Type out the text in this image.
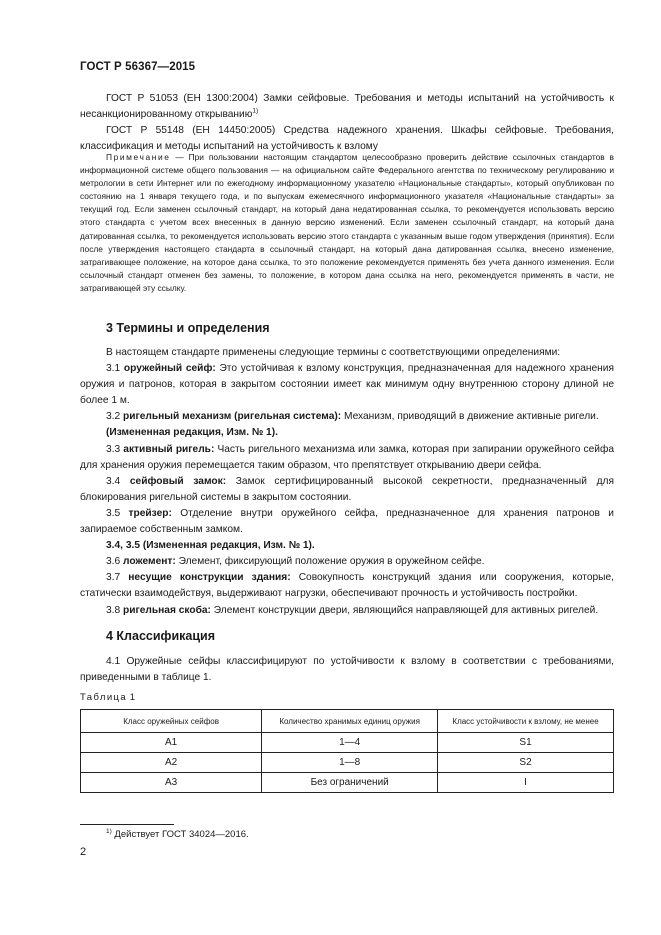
ГОСТ Р 56367—2015

ГОСТ Р 51053 (ЕН 1300:2004) Замки сейфовые. Требования и методы испытаний на устойчивость к несанкционированному открыванию$^{1)}$

ГОСТ Р 55148 (ЕН 14450:2005) Средства надежного хранения. Шкафы сейфовые. Требования, классификация и методы испытаний на устойчивость к взлому

Примечание — При пользовании настоящим стандартом целесообразно проверить действие ссылочных стандартов в информационной системе общего пользования — на официальном сайте Федерального агентства по техническому регулированию и метрологии в сети Интернет или по ежегодному информационному указателю «Национальные стандарты», который опубликован по состоянию на 1 января текущего года, и по выпускам ежемесячного информационного указателя «Национальные стандарты» за текущий год. Если заменен ссылочный стандарт, на который дана недатированная ссылка, то рекомендуется использовать версию этого стандарта с учетом всех внесенных в данную версию изменений. Если заменен ссылочный стандарт, на который дана датированная ссылка, то рекомендуется использовать версию этого стандарта с указанным выше годом утверждения (принятия). Если после утверждения настоящего стандарта в ссылочный стандарт, на который дана датированная ссылка, внесено изменение, затрагивающее положение, на которое дана ссылка, то это положение рекомендуется применять без учета данного изменения. Если ссылочный стандарт отменен без замены, то положение, в котором дана ссылка на него, рекомендуется применять в части, не затрагивающей эту ссылку.

3 Термины и определения

В настоящем стандарте применены следующие термины с соответствующими определениями:

3.1 оружейный сейф: Это устойчивая к взлому конструкция, предназначенная для надежного хранения оружия и патронов, которая в закрытом состоянии имеет как минимум одну внутреннюю сторону длиной не более 1 м.

3.2 ригельный механизм (ригельная система): Механизм, приводящий в движение активные ригели.

(Измененная редакция, Изм. № 1).

3.3 активный ригель: Часть ригельного механизма или замка, которая при запирании оружейного сейфа для хранения оружия перемещается таким образом, что препятствует открыванию двери сейфа.

3.4 сейфовый замок: Замок сертифицированный высокой секретности, предназначенный для блокирования ригельной системы в закрытом состоянии.

3.5 трейзер: Отделение внутри оружейного сейфа, предназначенное для хранения патронов и запираемое собственным замком.

3.4, 3.5 (Измененная редакция, Изм. № 1).

3.6 ложемент: Элемент, фиксирующий положение оружия в оружейном сейфе.

3.7 несущие конструкции здания: Совокупность конструкций здания или сооружения, которые, статически взаимодействуя, выдерживают нагрузки, обеспечивают прочность и устойчивость постройки.

3.8 ригельная скоба: Элемент конструкции двери, являющийся направляющей для активных ригелей.

4 Классификация

4.1 Оружейные сейфы классифицируют по устойчивости к взлому в соответствии с требованиями, приведенными в таблице 1.

Таблица 1
Класс оружейных сейфов	Количество хранимых единиц оружия	Класс устойчивости к взлому, не менее
А1	1—4	S1
А2	1—8	S2
А3	Без ограничений	I
$^{1)}$ Действует ГОСТ 34024—2016.
2
